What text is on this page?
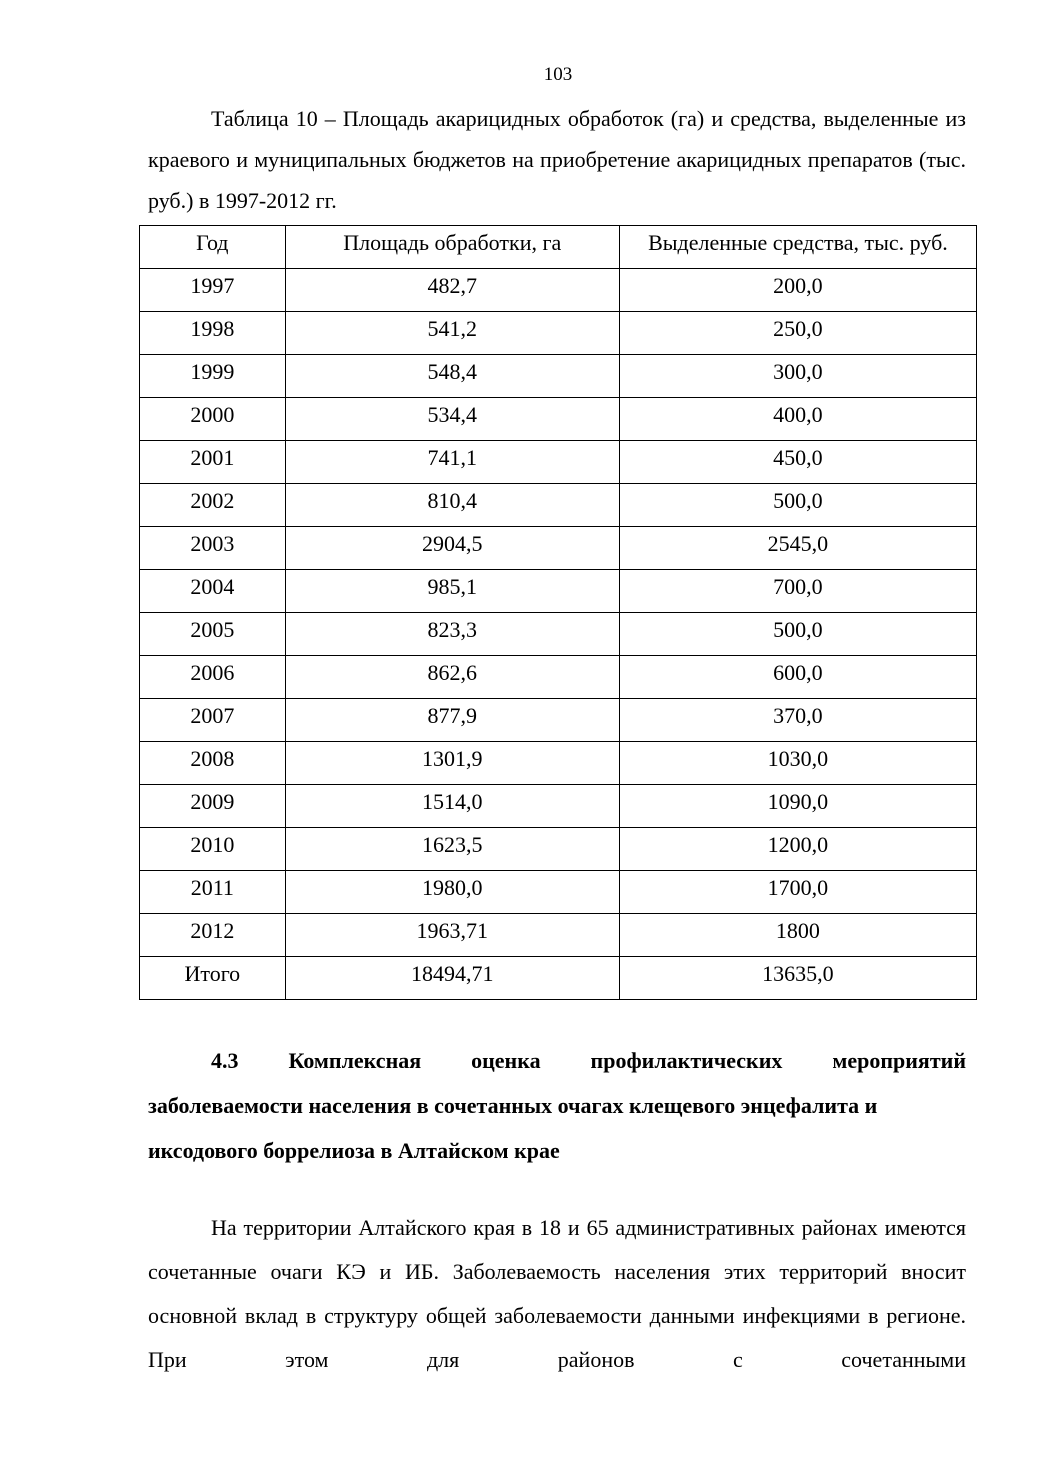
103

Таблица 10 – Площадь акарицидных обработок (га) и средства, выделенные из краевого и муниципальных бюджетов на приобретение акарицидных препаратов (тыс. руб.) в 1997-2012 гг.

Год	Площадь обработки, га	Выделенные средства, тыс. руб.
1997	482,7	200,0
1998	541,2	250,0
1999	548,4	300,0
2000	534,4	400,0
2001	741,1	450,0
2002	810,4	500,0
2003	2904,5	2545,0
2004	985,1	700,0
2005	823,3	500,0
2006	862,6	600,0
2007	877,9	370,0
2008	1301,9	1030,0
2009	1514,0	1090,0
2010	1623,5	1200,0
2011	1980,0	1700,0
2012	1963,71	1800
Итого	18494,71	13635,0
4.3 Комплексная оценка профилактических мероприятий
заболеваемости населения в сочетанных очагах клещевого энцефалита и иксодового боррелиоза в Алтайском крае

На территории Алтайского края в 18 и 65 административных районах имеются сочетанные очаги КЭ и ИБ. Заболеваемость населения этих территорий вносит основной вклад в структуру общей заболеваемости данными инфекциями в регионе. При этом для районов с сочетанными
